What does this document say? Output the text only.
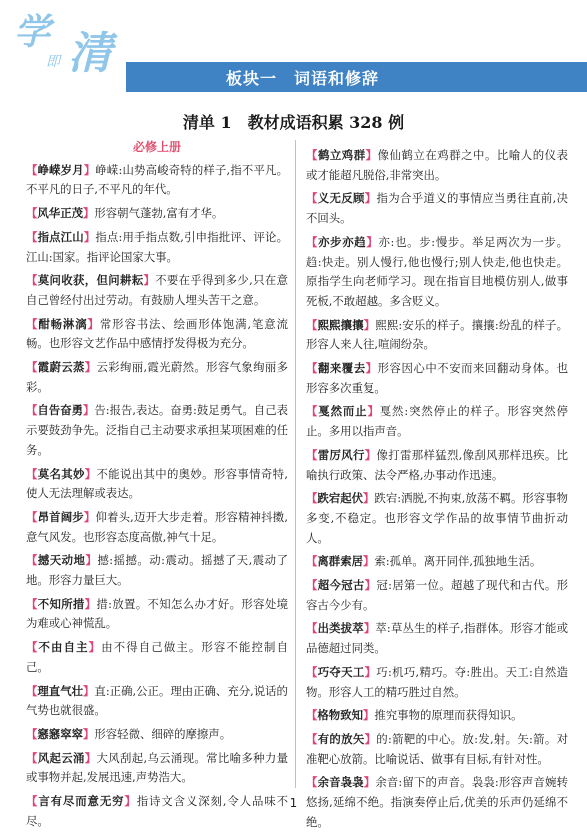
学
即 清	板块一　词语和修辞
清单 1　教材成语积累 328 例
必修上册
【峥嵘岁月】峥嵘:山势高峻奇特的样子,指不平凡。不平凡的日子,不平凡的年代。
【风华正茂】形容朝气蓬勃,富有才华。
【指点江山】指点:用手指点数,引申指批评、评论。江山:国家。指评论国家大事。
【莫问收获，但问耕耘】不要在乎得到多少,只在意自己曾经付出过劳动。有鼓励人埋头苦干之意。
【酣畅淋漓】常形容书法、绘画形体饱满,笔意流畅。也形容文艺作品中感情抒发得极为充分。
【霞蔚云蒸】云彩绚丽,霞光蔚然。形容气象绚丽多彩。
【自告奋勇】告:报告,表达。奋勇:鼓足勇气。自己表示要鼓劲争先。泛指自己主动要求承担某项困难的任务。
【莫名其妙】不能说出其中的奥妙。形容事情奇特,使人无法理解或表达。
【昂首阔步】仰着头,迈开大步走着。形容精神抖擞,意气风发。也形容态度高傲,神气十足。
【撼天动地】撼:摇撼。动:震动。摇撼了天,震动了地。形容力量巨大。
【不知所措】措:放置。不知怎么办才好。形容处境为难或心神慌乱。
【不由自主】由不得自己做主。形容不能控制自己。
【理直气壮】直:正确,公正。理由正确、充分,说话的气势也就很盛。
【窸窸窣窣】形容轻微、细碎的摩擦声。
【风起云涌】大风刮起,乌云涌现。常比喻多种力量或事物并起,发展迅速,声势浩大。
【言有尽而意无穷】指诗文含义深刻,令人品味不尽。
【鹤立鸡群】像仙鹤立在鸡群之中。比喻人的仪表或才能超凡脱俗,非常突出。
【义无反顾】指为合乎道义的事情应当勇往直前,决不回头。
【亦步亦趋】亦:也。步:慢步。举足两次为一步。趋:快走。别人慢行,他也慢行;别人快走,他也快走。原指学生向老师学习。现在指盲目地模仿别人,做事死板,不敢超越。多含贬义。
【熙熙攘攘】熙熙:安乐的样子。攘攘:纷乱的样子。形容人来人往,喧闹纷杂。
【翻来覆去】形容因心中不安而来回翻动身体。也形容多次重复。
【戛然而止】戛然:突然停止的样子。形容突然停止。多用以指声音。
【雷厉风行】像打雷那样猛烈,像刮风那样迅疾。比喻执行政策、法令严格,办事动作迅速。
【跌宕起伏】跌宕:洒脱,不拘束,放荡不羁。形容事物多变,不稳定。也形容文学作品的故事情节曲折动人。
【离群索居】索:孤单。离开同伴,孤独地生活。
【超今冠古】冠:居第一位。超越了现代和古代。形容古今少有。
【出类拔萃】萃:草丛生的样子,指群体。形容才能或品德超过同类。
【巧夺天工】巧:机巧,精巧。夺:胜出。天工:自然造物。形容人工的精巧胜过自然。
【格物致知】推究事物的原理而获得知识。
【有的放矢】的:箭靶的中心。放:发,射。矢:箭。对准靶心放箭。比喻说话、做事有目标,有针对性。
【余音袅袅】余音:留下的声音。袅袅:形容声音婉转悠扬,延绵不绝。指演奏停止后,优美的乐声仍延绵不绝。
1
